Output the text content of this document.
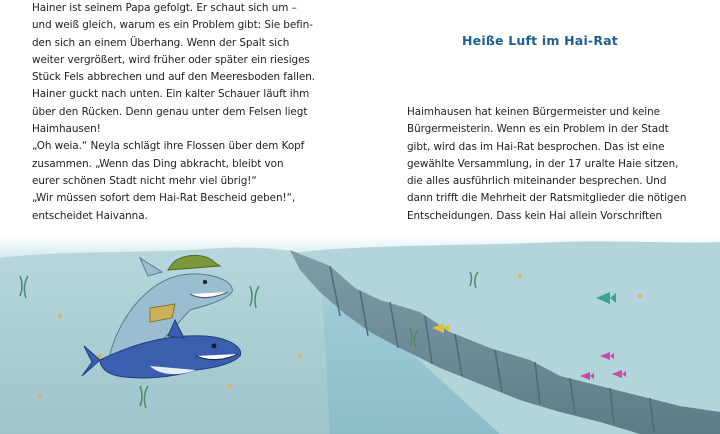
Hainer ist seinem Papa gefolgt. Er schaut sich um –
und weiß gleich, warum es ein Problem gibt: Sie befin-
den sich an einem Überhang. Wenn der Spalt sich
weiter vergrößert, wird früher oder später ein riesiges
Stück Fels abbrechen und auf den Meeresboden fallen.
Hainer guckt nach unten. Ein kalter Schauer läuft ihm
über den Rücken. Denn genau unter dem Felsen liegt
Haimhausen!
„Oh weia.“ Neyla schlägt ihre Flossen über dem Kopf
zusammen. „Wenn das Ding abkracht, bleibt von
eurer schönen Stadt nicht mehr viel übrig!“
„Wir müssen sofort dem Hai-Rat Bescheid geben!“,
entscheidet Haivanna.
Heiße Luft im Hai-Rat
Haimhausen hat keinen Bürgermeister und keine
Bürgermeisterin. Wenn es ein Problem in der Stadt
gibt, wird das im Hai-Rat besprochen. Das ist eine
gewählte Versammlung, in der 17 uralte Haie sitzen,
die alles ausführlich miteinander besprechen. Und
dann trifft die Mehrheit der Ratsmitglieder die nötigen
Entscheidungen. Dass kein Hai allein Vorschriften
